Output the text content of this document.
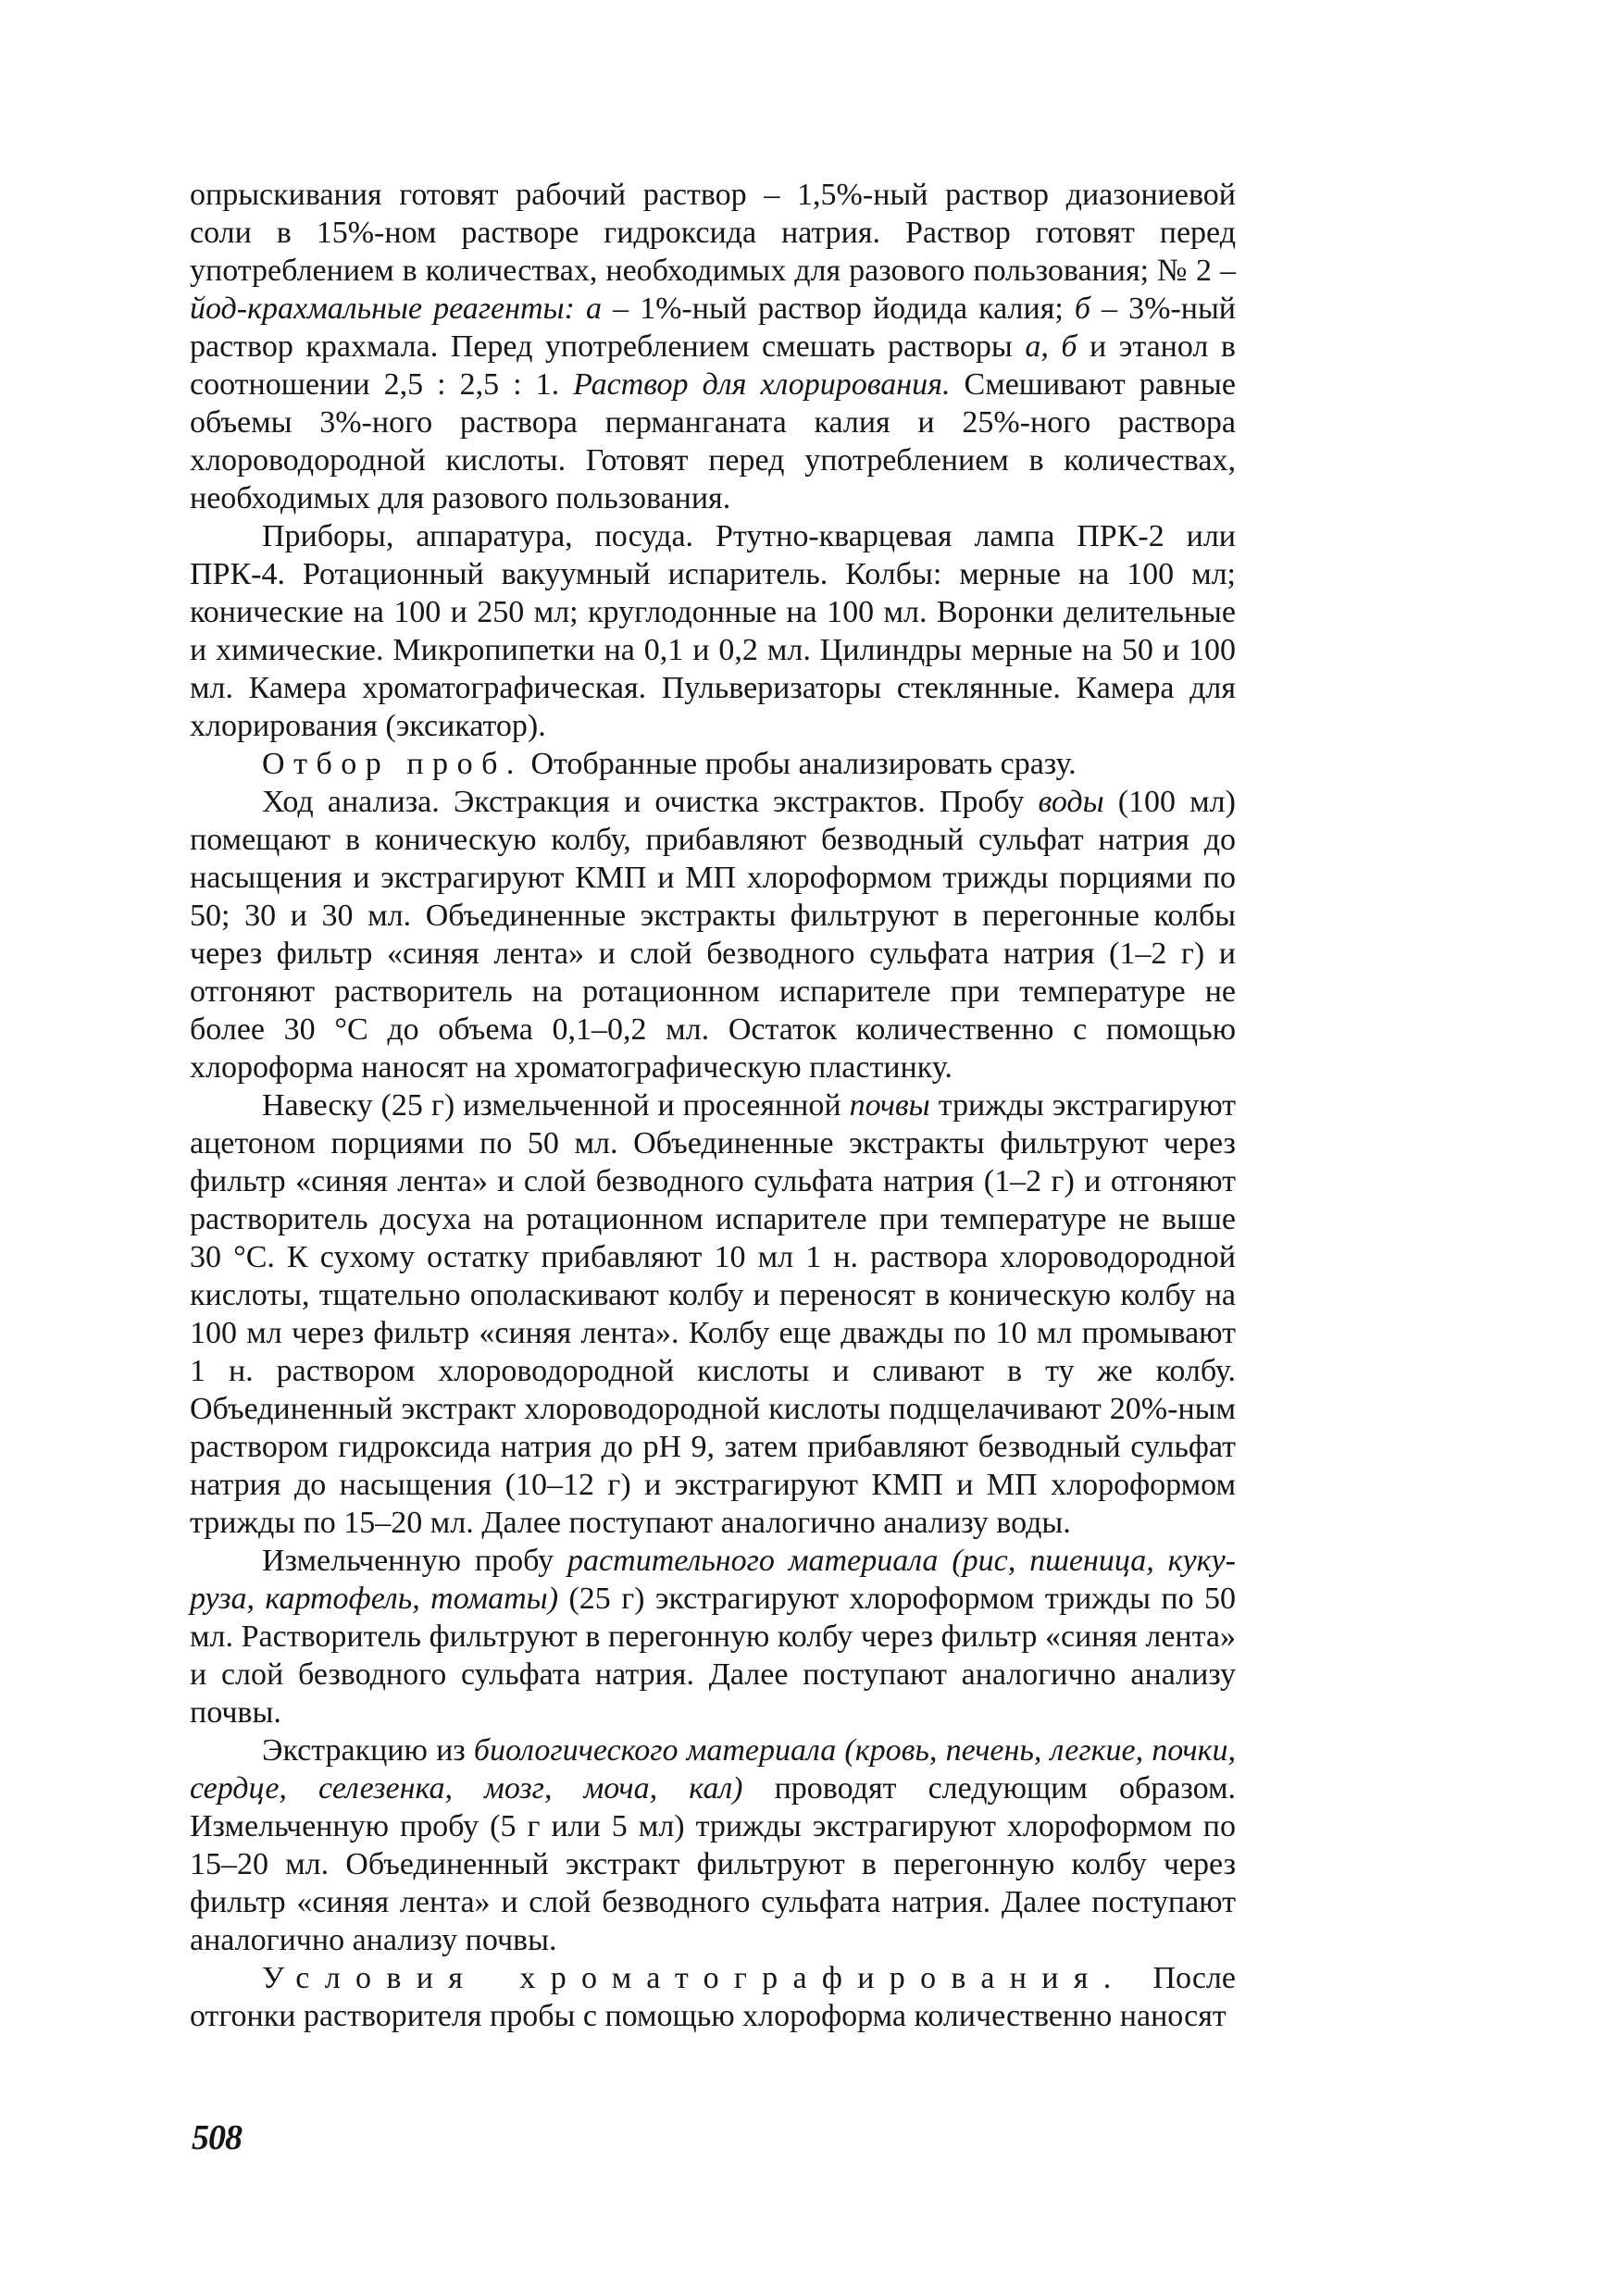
опрыскивания готовят рабочий раствор – 1,5%-ный раствор диазониевой соли в 15%-ном растворе гидроксида натрия. Раствор готовят перед употреблением в количествах, необходимых для разового пользования; № 2 – йод-крахмальные реагенты: а – 1%-ный раствор йодида калия; б – 3%-ный раствор крахмала. Перед употреблением смешать растворы а, б и этанол в соотношении 2,5 : 2,5 : 1. Раствор для хлорирования. Смешивают равные объемы 3%-ного раствора перманганата калия и 25%-ного раствора хлороводородной кислоты. Готовят перед употреблением в количествах, необходимых для разового пользования.

Приборы, аппаратура, посуда. Ртутно-кварцевая лампа ПРК-2 или ПРК-4. Ротационный вакуумный испаритель. Колбы: мерные на 100 мл; конические на 100 и 250 мл; круглодонные на 100 мл. Воронки делительные и химические. Микропипетки на 0,1 и 0,2 мл. Цилиндры мерные на 50 и 100 мл. Камера хроматографическая. Пульверизаторы стеклянные. Камера для хлорирования (эксикатор).

Отбор проб. Отобранные пробы анализировать сразу.

Ход анализа. Экстракция и очистка экстрактов. Пробу воды (100 мл) помещают в коническую колбу, прибавляют безводный сульфат натрия до насыщения и экстрагируют КМП и МП хлороформом трижды порциями по 50; 30 и 30 мл. Объединенные экстракты фильтруют в перегонные колбы через фильтр «синяя лента» и слой безводного сульфата натрия (1–2 г) и отгоняют растворитель на ротационном испарителе при температуре не более 30 °С до объема 0,1–0,2 мл. Остаток количественно с помощью хлороформа наносят на хроматографическую пластинку.

Навеску (25 г) измельченной и просеянной почвы трижды экстрагируют ацетоном порциями по 50 мл. Объединенные экстракты фильтруют через фильтр «синяя лента» и слой безводного сульфата натрия (1–2 г) и отгоняют растворитель досуха на ротационном испарителе при температуре не выше 30 °С. К сухому остатку прибавляют 10 мл 1 н. раствора хлороводородной кислоты, тщательно ополаскивают колбу и переносят в коническую колбу на 100 мл через фильтр «синяя лента». Колбу еще дважды по 10 мл промывают 1 н. раствором хлороводородной кислоты и сливают в ту же колбу. Объединенный экстракт хлороводородной кислоты подщелачивают 20%-ным раствором гидроксида натрия до pH 9, затем прибавляют безводный сульфат натрия до насыщения (10–12 г) и экстрагируют КМП и МП хлороформом трижды по 15–20 мл. Далее поступают аналогично анализу воды.

Измельченную пробу растительного материала (рис, пшеница, кукуруза, картофель, томаты) (25 г) экстрагируют хлороформом трижды по 50 мл. Растворитель фильтруют в перегонную колбу через фильтр «синяя лента» и слой безводного сульфата натрия. Далее поступают аналогично анализу почвы.

Экстракцию из биологического материала (кровь, печень, легкие, почки, сердце, селезенка, мозг, моча, кал) проводят следующим образом. Измельченную пробу (5 г или 5 мл) трижды экстрагируют хлороформом по 15–20 мл. Объединенный экстракт фильтруют в перегонную колбу через фильтр «синяя лента» и слой безводного сульфата натрия. Далее поступают аналогично анализу почвы.

Условия хроматографирования. После отгонки растворителя пробы с помощью хлороформа количественно наносят

508
